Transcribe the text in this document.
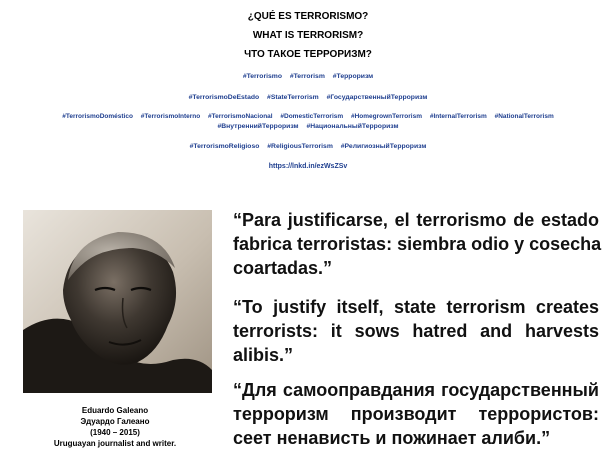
¿QUÉ ES TERRORISMO?
WHAT IS TERRORISM?
ЧТО ТАКОЕ ТЕРРОРИЗМ?
#Terrorismo #Terrorism #Терроризм
#TerrorismoDeEstado #StateTerrorism #ГосударственныйТерроризм
#TerrorismoDoméstico #TerrorismoInterno #TerrorismoNacional #DomesticTerrorism #HomegrownTerrorism #InternalTerrorism #NationalTerrorism
#ВнутреннийТерроризм #НациональныйТерроризм
#TerrorismoReligioso #ReligiousTerrorism #РелигиозныйТерроризм
https://lnkd.in/ezWsZSv
Eduardo Galeano
Эдуардо Галеано
(1940 – 2015)
Uruguayan journalist and writer.
“Para justificarse, el terrorismo de estado
fabrica terroristas: siembra odio y cosecha
coartadas.”
“To justify itself, state terrorism creates
terrorists: it sows hatred and harvests
alibis.”
“Для самооправдания государственный
терроризм производит террористов:
сеет ненависть и пожинает алиби.”
